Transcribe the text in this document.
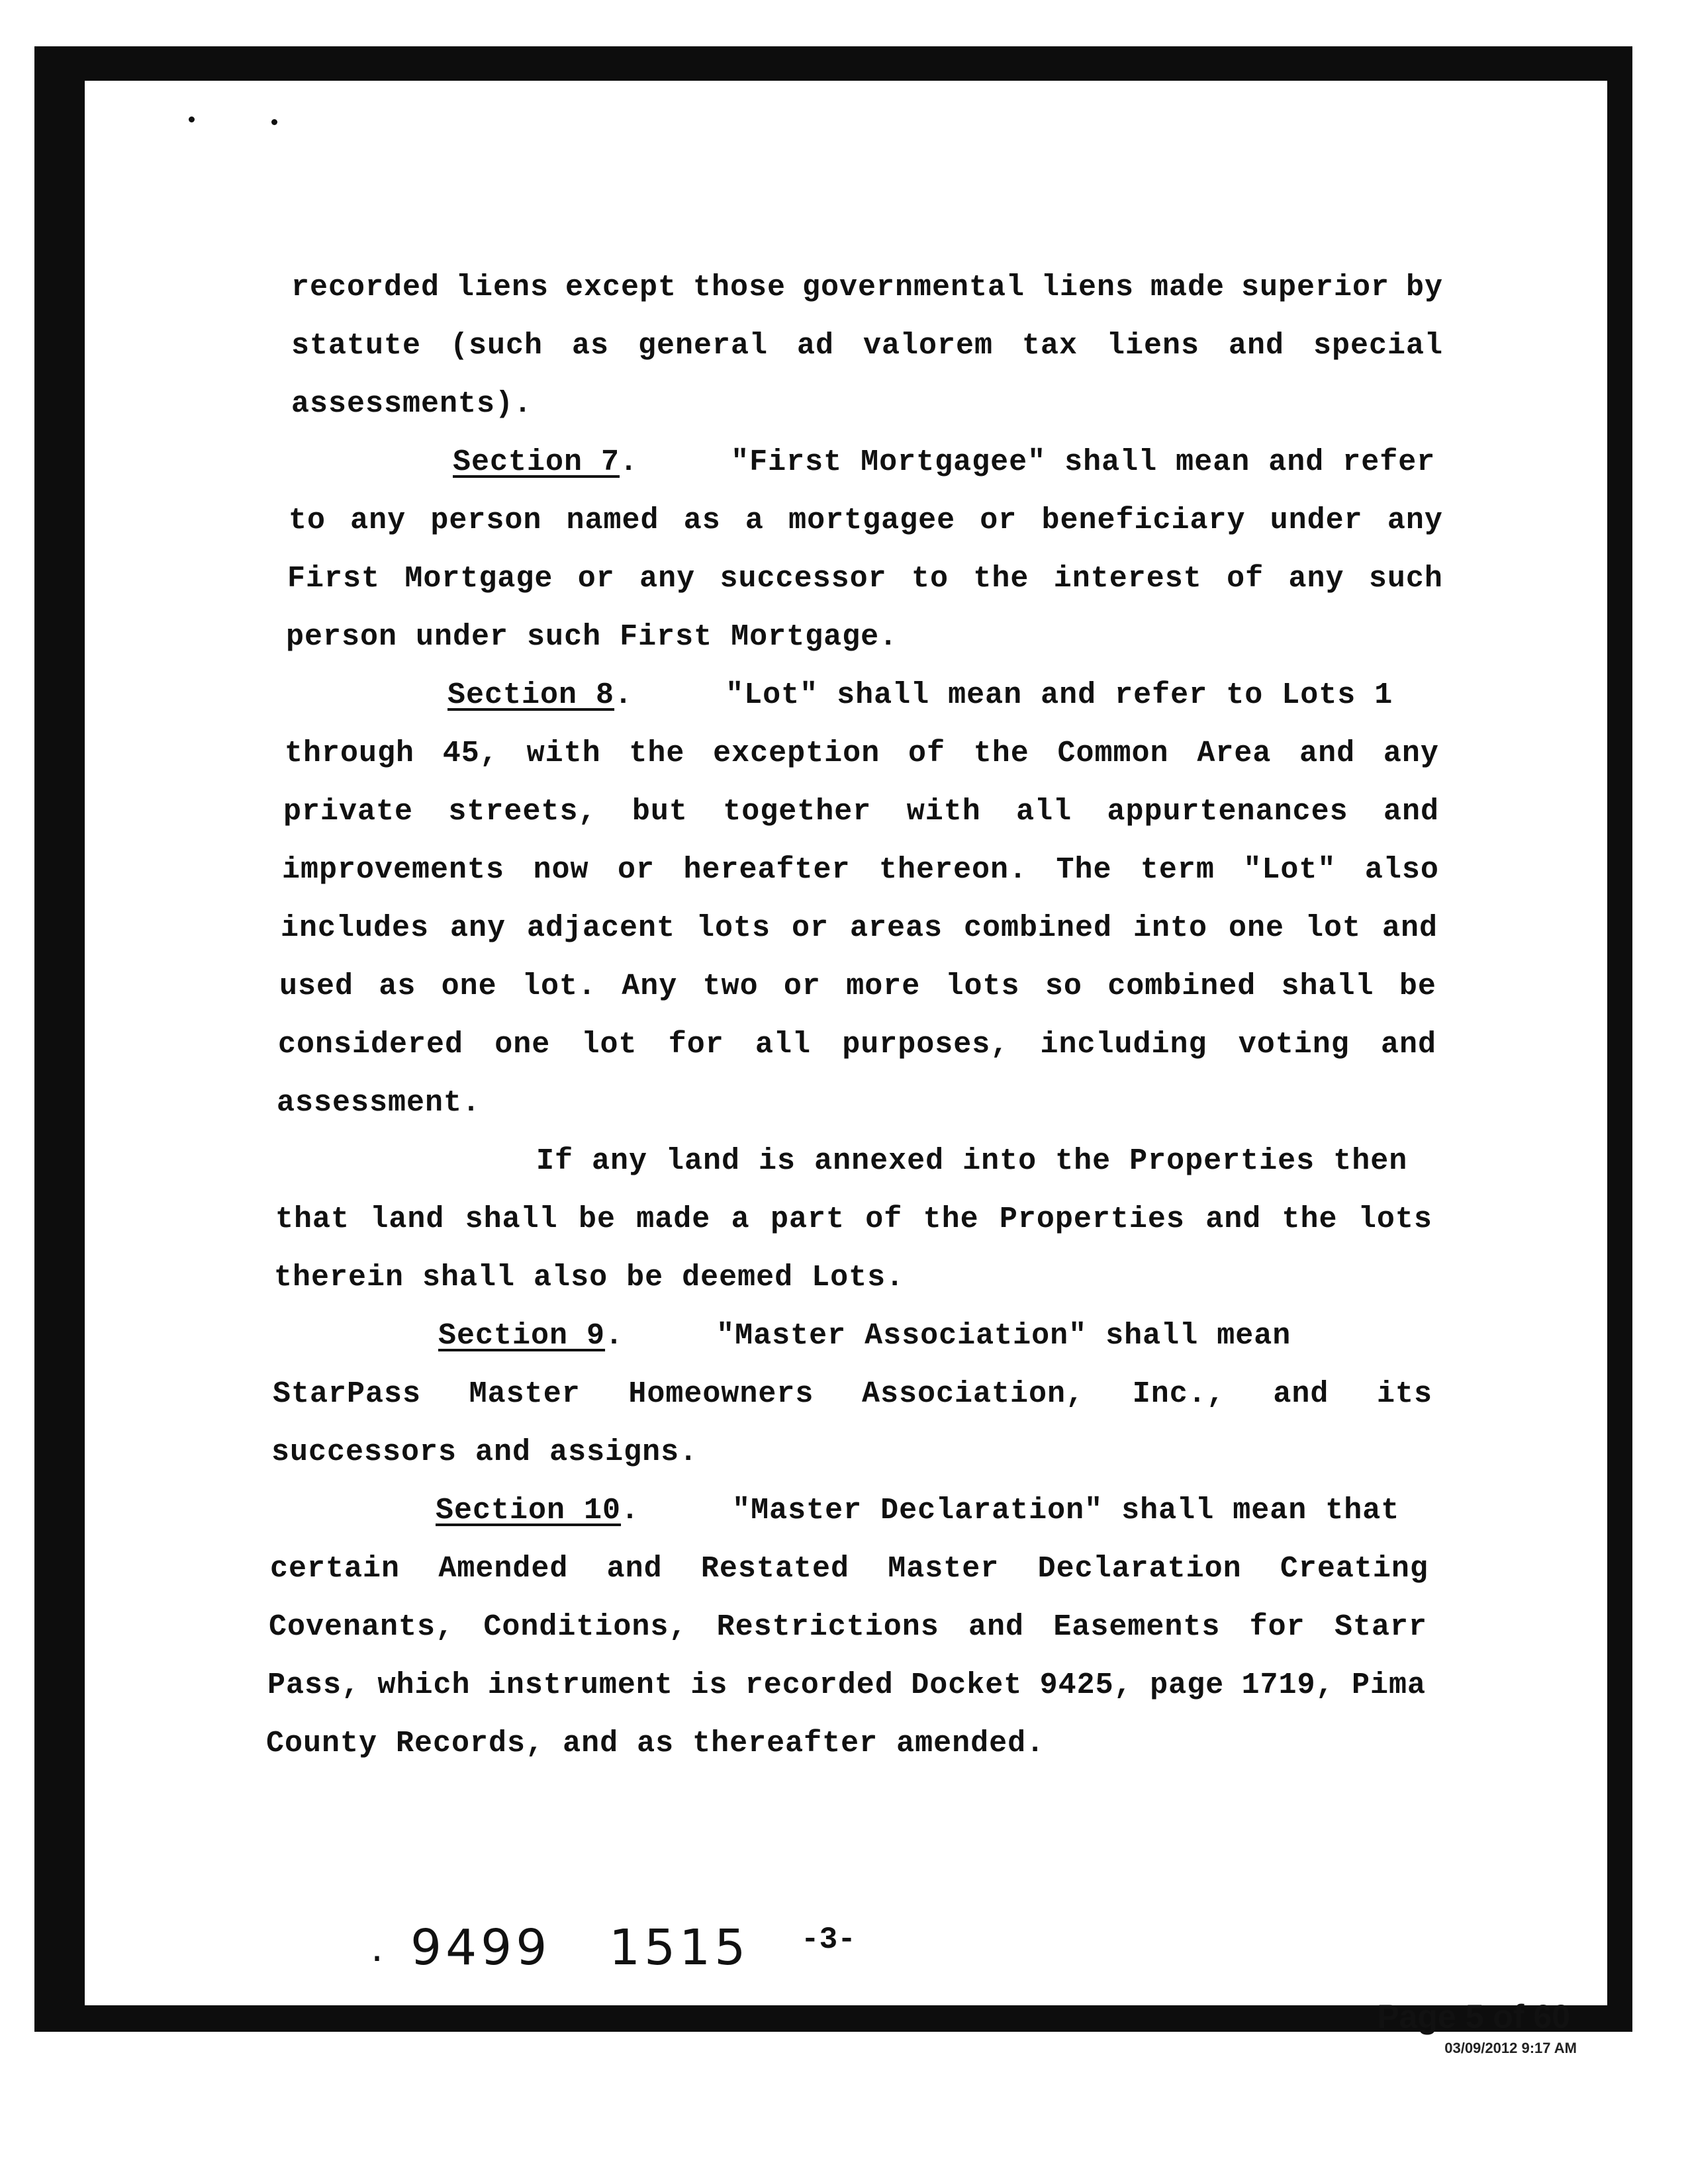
recorded liens except those governmental liens made superior by
statute (such as general ad valorem tax liens and special
assessments).
Section 7.     "First Mortgagee" shall mean and refer
to any person named as a mortgagee or beneficiary under any
First Mortgage or any successor to the interest of any such
person under such First Mortgage.
Section 8.     "Lot" shall mean and refer to Lots 1
through 45, with the exception of the Common Area and any
private streets, but together with all appurtenances and
improvements now or hereafter thereon. The term "Lot" also
includes any adjacent lots or areas combined into one lot and
used as one lot. Any two or more lots so combined shall be
considered one lot for all purposes, including voting and
assessment.
If any land is annexed into the Properties then
that land shall be made a part of the Properties and the lots
therein shall also be deemed Lots.
Section 9.     "Master Association" shall mean
StarPass Master Homeowners Association, Inc., and its
successors and assigns.
Section 10.     "Master Declaration" shall mean that
certain Amended and Restated Master Declaration Creating
Covenants, Conditions, Restrictions and Easements for Starr
Pass, which instrument is recorded Docket 9425, page 1719, Pima
County Records, and as thereafter amended.
. 9499 1515 -3-
Page 5 of 60
03/09/2012 9:17 AM
